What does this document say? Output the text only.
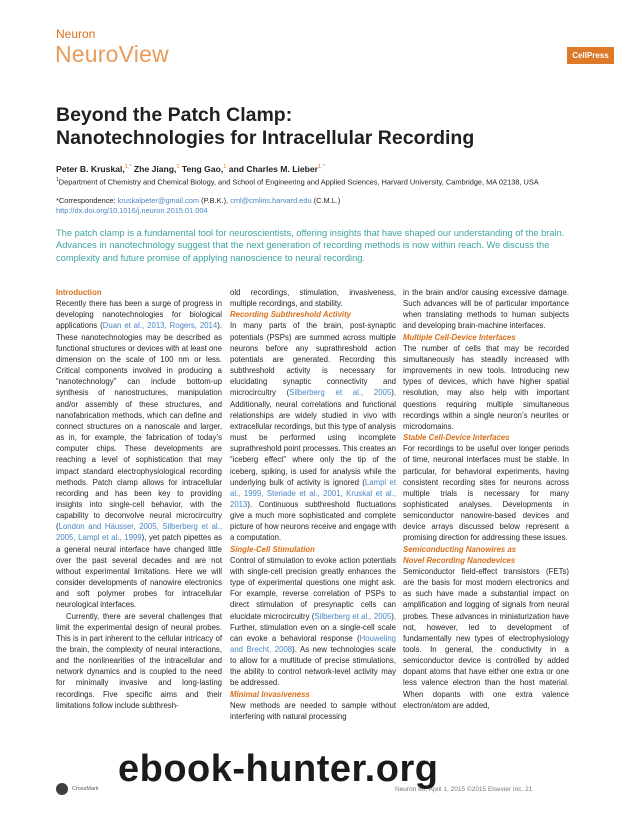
Neuron
NeuroView	CellPress
Beyond the Patch Clamp:
Nanotechnologies for Intracellular Recording
Peter B. Kruskal,$^{1,*}$ Zhe Jiang,$^1$ Teng Gao,$^1$ and Charles M. Lieber$^{1,*}$
$^1$Department of Chemistry and Chemical Biology, and School of Engineering and Applied Sciences, Harvard University, Cambridge, MA 02138, USA
*Correspondence: kruskalpeter@gmail.com (P.B.K.), cml@cmliris.harvard.edu (C.M.L.)
http://dx.doi.org/10.1016/j.neuron.2015.01.004

The patch clamp is a fundamental tool for neuroscientists, offering insights that have shaped our understanding of the brain. Advances in nanotechnology suggest that the next generation of recording methods is now within reach. We discuss the complexity and future promise of applying nanoscience to neural recording.

Introduction

Recently there has been a surge of progress in developing nanotechnologies for biological applications (Duan et al., 2013, Rogers, 2014). These nanotechnologies may be described as functional structures or devices with at least one dimension on the scale of 100 nm or less. Critical components involved in producing a “nanotechnology” can include bottom-up synthesis of nanostructures, manipulation and/or assembly of these structures, and nanofabrication methods, which can define and connect structures on a nanoscale and larger, as in, for example, the fabrication of today’s computer chips. These developments are reaching a level of sophistication that may impact standard electrophysiological recording methods. Patch clamp allows for intracellular recording and has been key to providing insights into single-cell behavior, with the capability to deconvolve neural microcircuitry (London and Häusser, 2005, Silberberg et al., 2005, Lampl et al., 1999), yet patch pipettes as a general neural interface have changed little over the past several decades and are not without experimental limitations. Here we will consider developments of nanowire electronics and soft polymer probes for intracellular neurological interfaces.

Currently, there are several challenges that limit the experimental design of neural probes. This is in part inherent to the cellular intricacy of the brain, the complexity of neural interactions, and the nonlinearities of the intracellular and network dynamics and is coupled to the need for minimally invasive and long-lasting recordings. Five specific aims and their limitations follow include subthresh-

old recordings, stimulation, invasiveness, multiple recordings, and stability.

Recording Subthreshold Activity

In many parts of the brain, post-synaptic potentials (PSPs) are summed across multiple neurons before any suprathreshold action potentials are generated. Recording this subthreshold activity is necessary for elucidating synaptic connectivity and microcircuitry (Silberberg et al., 2005). Additionally, neural correlations and functional relationships are widely studied in vivo with extracellular recordings, but this type of analysis must be performed using incomplete suprathreshold point processes. This creates an “iceberg effect” where only the tip of the iceberg, spiking, is used for analysis while the underlying bulk of activity is ignored (Lampl et al., 1999, Steriade et al., 2001, Kruskal et al., 2013). Continuous subthreshold fluctuations give a much more sophisticated and complete picture of how neurons receive and engage with a computation.

Single-Cell Stimulation

Control of stimulation to evoke action potentials with single-cell precision greatly enhances the type of experimental questions one might ask. For example, reverse correlation of PSPs to direct stimulation of presynaptic cells can elucidate microcircuitry (Silberberg et al., 2005). Further, stimulation even on a single-cell scale can evoke a behavioral response (Houweling and Brecht, 2008). As new technologies scale to allow for a multitude of precise stimulations, the ability to control network-level activity may be addressed.

Minimal Invasiveness

New methods are needed to sample without interfering with natural processing

in the brain and/or causing excessive damage. Such advances will be of particular importance when translating methods to human subjects and developing brain-machine interfaces.

Multiple Cell-Device Interfaces

The number of cells that may be recorded simultaneously has steadily increased with improvements in new tools. Introducing new types of devices, which have higher spatial resolution, may also help with important questions requiring multiple simultaneous recordings within a single neuron’s neurites or microdomains.

Stable Cell-Device Interfaces

For recordings to be useful over longer periods of time, neuronal interfaces must be stable. In particular, for behavioral experiments, having consistent recording sites for neurons across multiple trials is necessary for many sophisticated analyses. Developments in semiconductor nanowire-based devices and device arrays discussed below represent a promising direction for addressing these issues.

Semiconducting Nanowires as
Novel Recording Nanodevices

Semiconductor field-effect transistors (FETs) are the basis for most modern electronics and as such have made a substantial impact on amplification and logging of signals from neural probes. These advances in miniaturization have not, however, led to development of fundamentally new types of electrophysiology tools. In general, the conductivity in a semiconductor device is controlled by added dopant atoms that have either one extra or one less valence electron than the host material. When dopants with one extra valence electron/atom are added,

CrossMark	Neuron 86, April 1, 2015 ©2015 Elsevier Inc. 21
ebook-hunter.org
